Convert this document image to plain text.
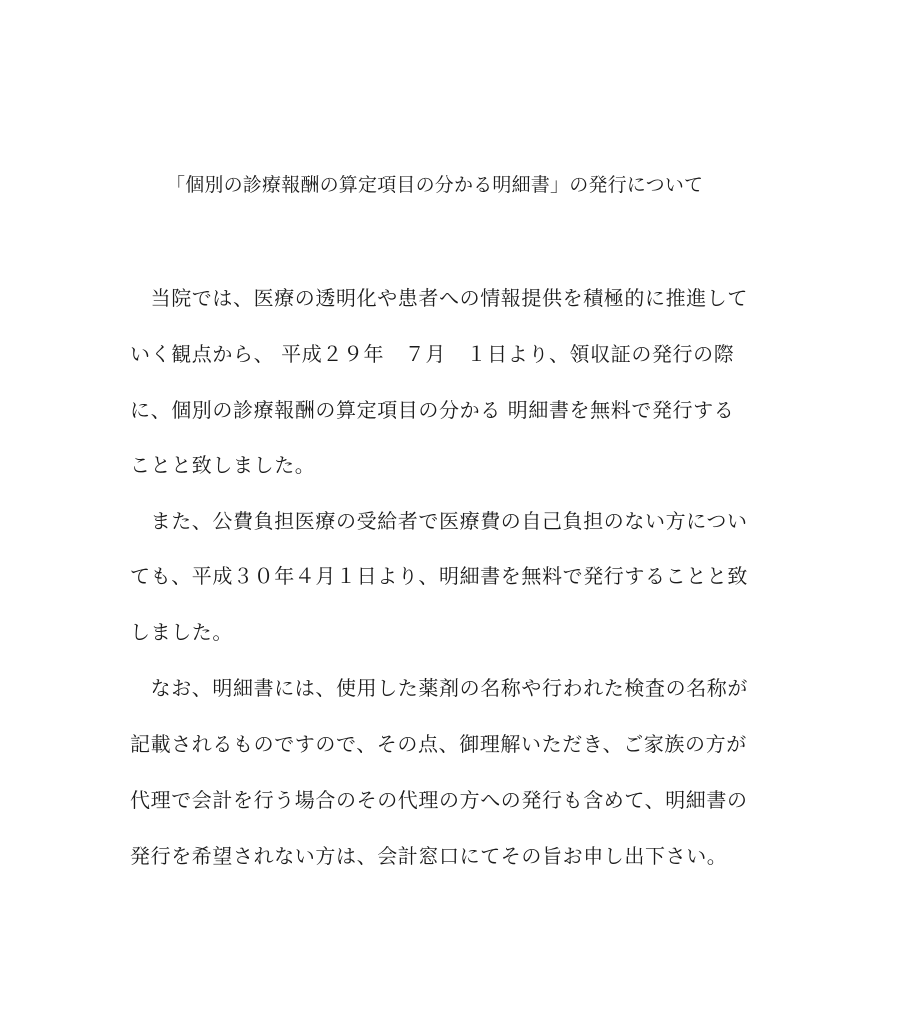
「個別の診療報酬の算定項目の分かる明細書」の発行について
　当院では、医療の透明化や患者への情報提供を積極的に推進して
いく観点から、 平成２９年　７月　１日より、領収証の発行の際
に、個別の診療報酬の算定項目の分かる 明細書を無料で発行する
ことと致しました。
　また、公費負担医療の受給者で医療費の自己負担のない方につい
ても、平成３０年４月１日より、明細書を無料で発行することと致
しました。
　なお、明細書には、使用した薬剤の名称や行われた検査の名称が
記載されるものですので、その点、御理解いただき、ご家族の方が
代理で会計を行う場合のその代理の方への発行も含めて、明細書の
発行を希望されない方は、会計窓口にてその旨お申し出下さい。
